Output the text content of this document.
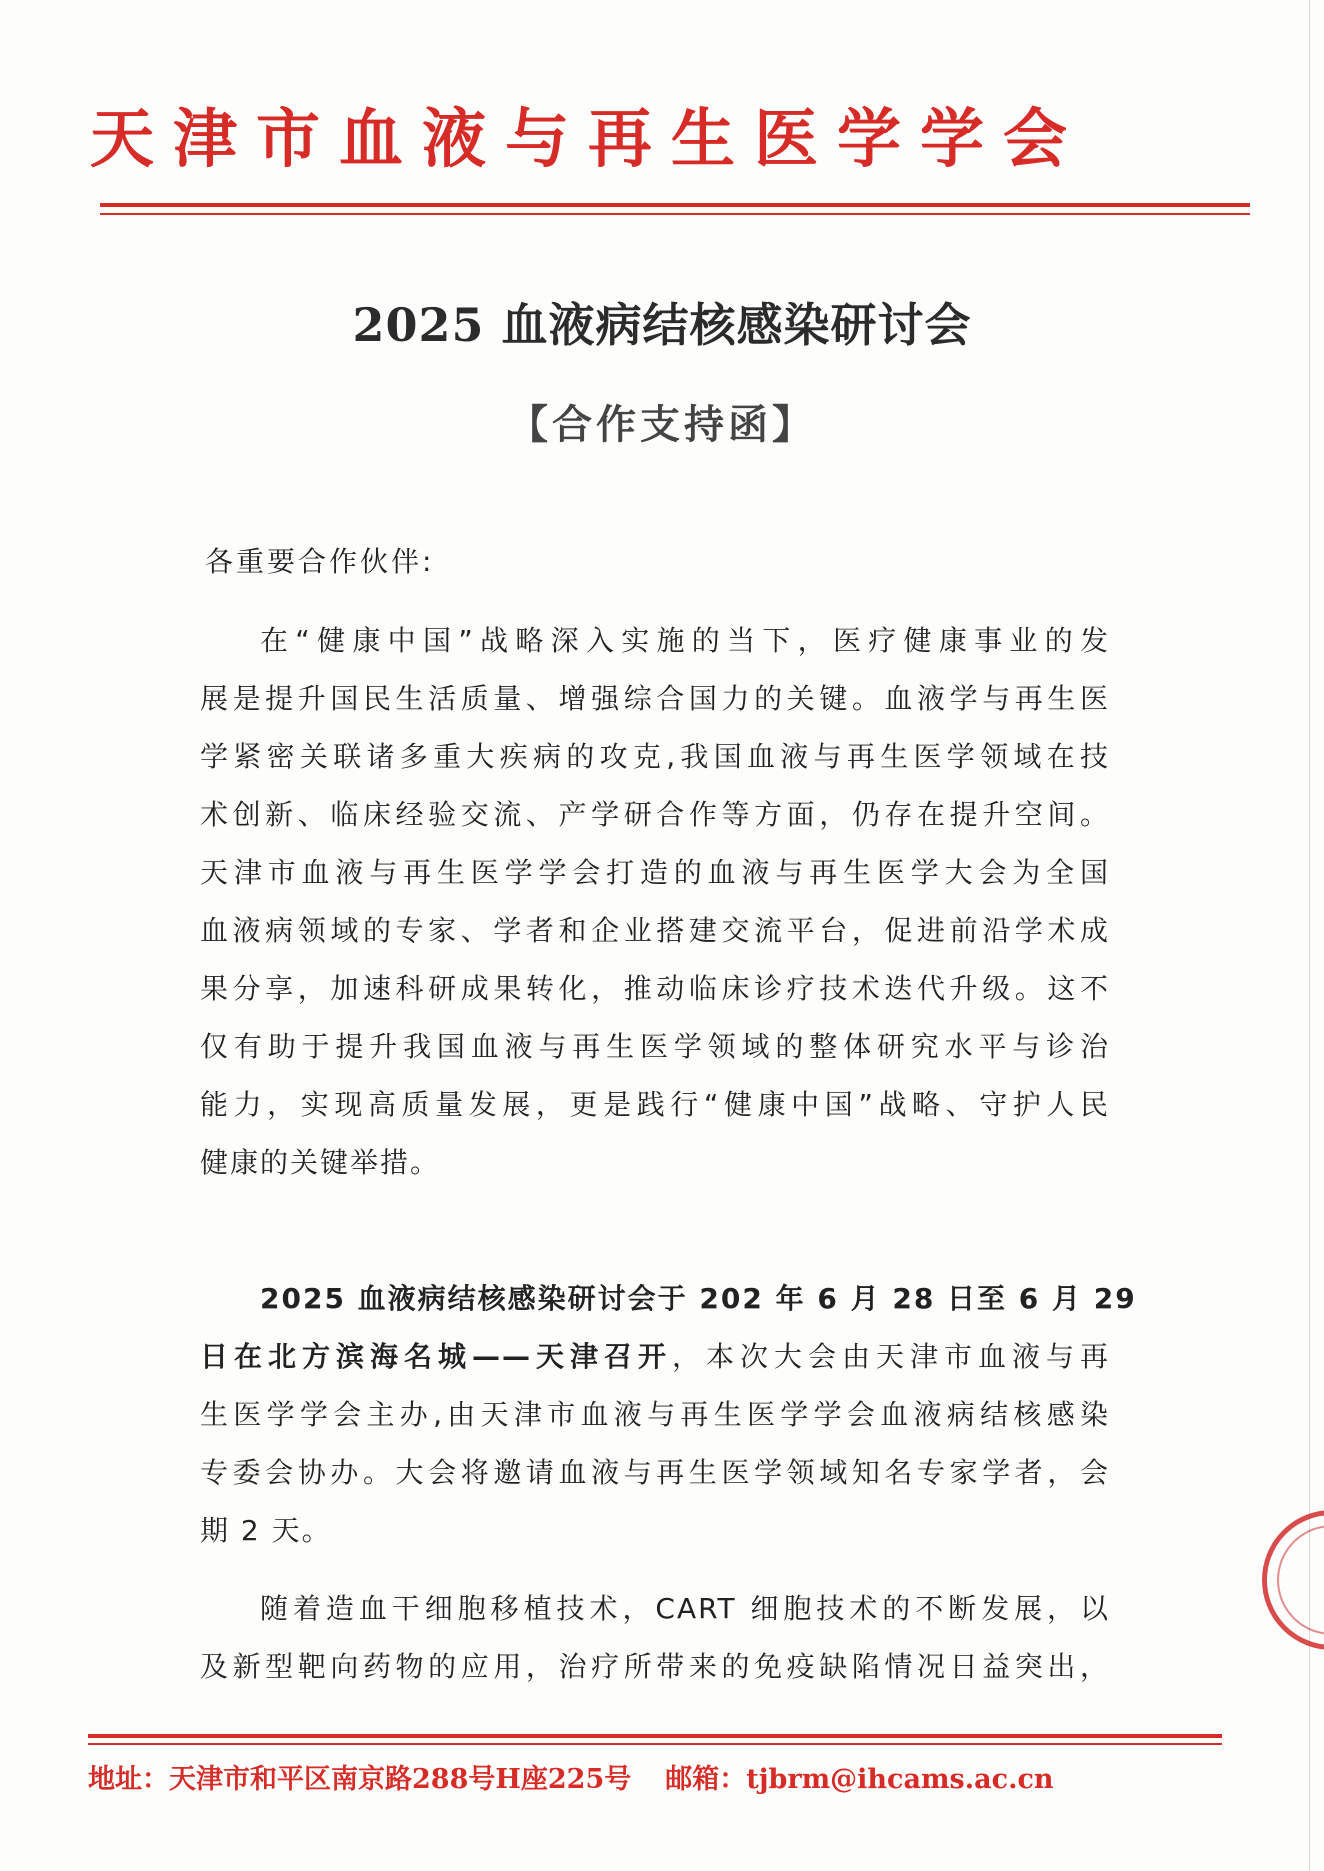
天津市血液与再生医学学会
2025 血液病结核感染研讨会
【合作支持函】
各重要合作伙伴:
在“健康中国”战略深入实施的当下，医疗健康事业的发
展是提升国民生活质量、增强综合国力的关键。血液学与再生医
学紧密关联诸多重大疾病的攻克,我国血液与再生医学领域在技
术创新、临床经验交流、产学研合作等方面，仍存在提升空间。
天津市血液与再生医学学会打造的血液与再生医学大会为全国
血液病领域的专家、学者和企业搭建交流平台，促进前沿学术成
果分享，加速科研成果转化，推动临床诊疗技术迭代升级。这不
仅有助于提升我国血液与再生医学领域的整体研究水平与诊治
能力，实现高质量发展，更是践行“健康中国”战略、守护人民
健康的关键举措。
2025 血液病结核感染研讨会于 202 年 6 月 28 日至 6 月 29
日在北方滨海名城——天津召开，本次大会由天津市血液与再
生医学学会主办,由天津市血液与再生医学学会血液病结核感染
专委会协办。大会将邀请血液与再生医学领域知名专家学者，会
期 2 天。
随着造血干细胞移植技术，CART 细胞技术的不断发展，以
及新型靶向药物的应用，治疗所带来的免疫缺陷情况日益突出，
地址：天津市和平区南京路288号H座225号 邮箱：tjbrm@ihcams.ac.cn
